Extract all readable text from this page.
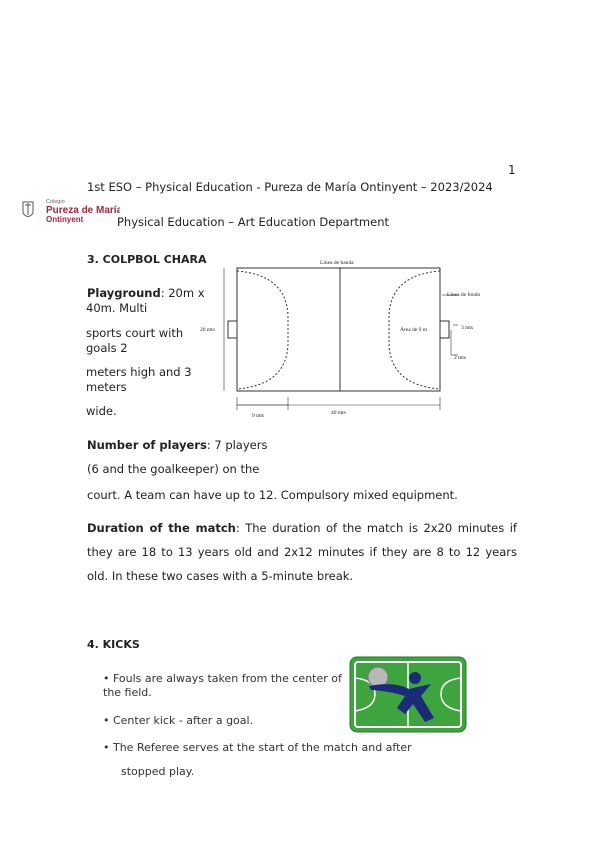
1
1st ESO – Physical Education - Pureza de María Ontinyent – 2023/2024
Colegio
Pureza de María
Ontinyent	Physical Education – Art Education Department
3. COLPBOL CHARA
Playground: 20m x
40m. Multi
sports court with
goals 2
meters high and 3
meters
wide.
Línea de banda
Línea de fondo
Área de 9 m
20 mts	3 mts
2 mts
9 mts	40 mts
Number of players: 7 players
(6 and the goalkeeper) on the
court. A team can have up to 12. Compulsory mixed equipment.
Duration of the match: The duration of the match is 2x20 minutes if they are 18 to 13 years old and 2x12 minutes if they are 8 to 12 years old. In these two cases with a 5-minute break.
4. KICKS
• Fouls are always taken from the center of
the field.
• Center kick - after a goal.
• The Referee serves at the start of the match and after
stopped play.
